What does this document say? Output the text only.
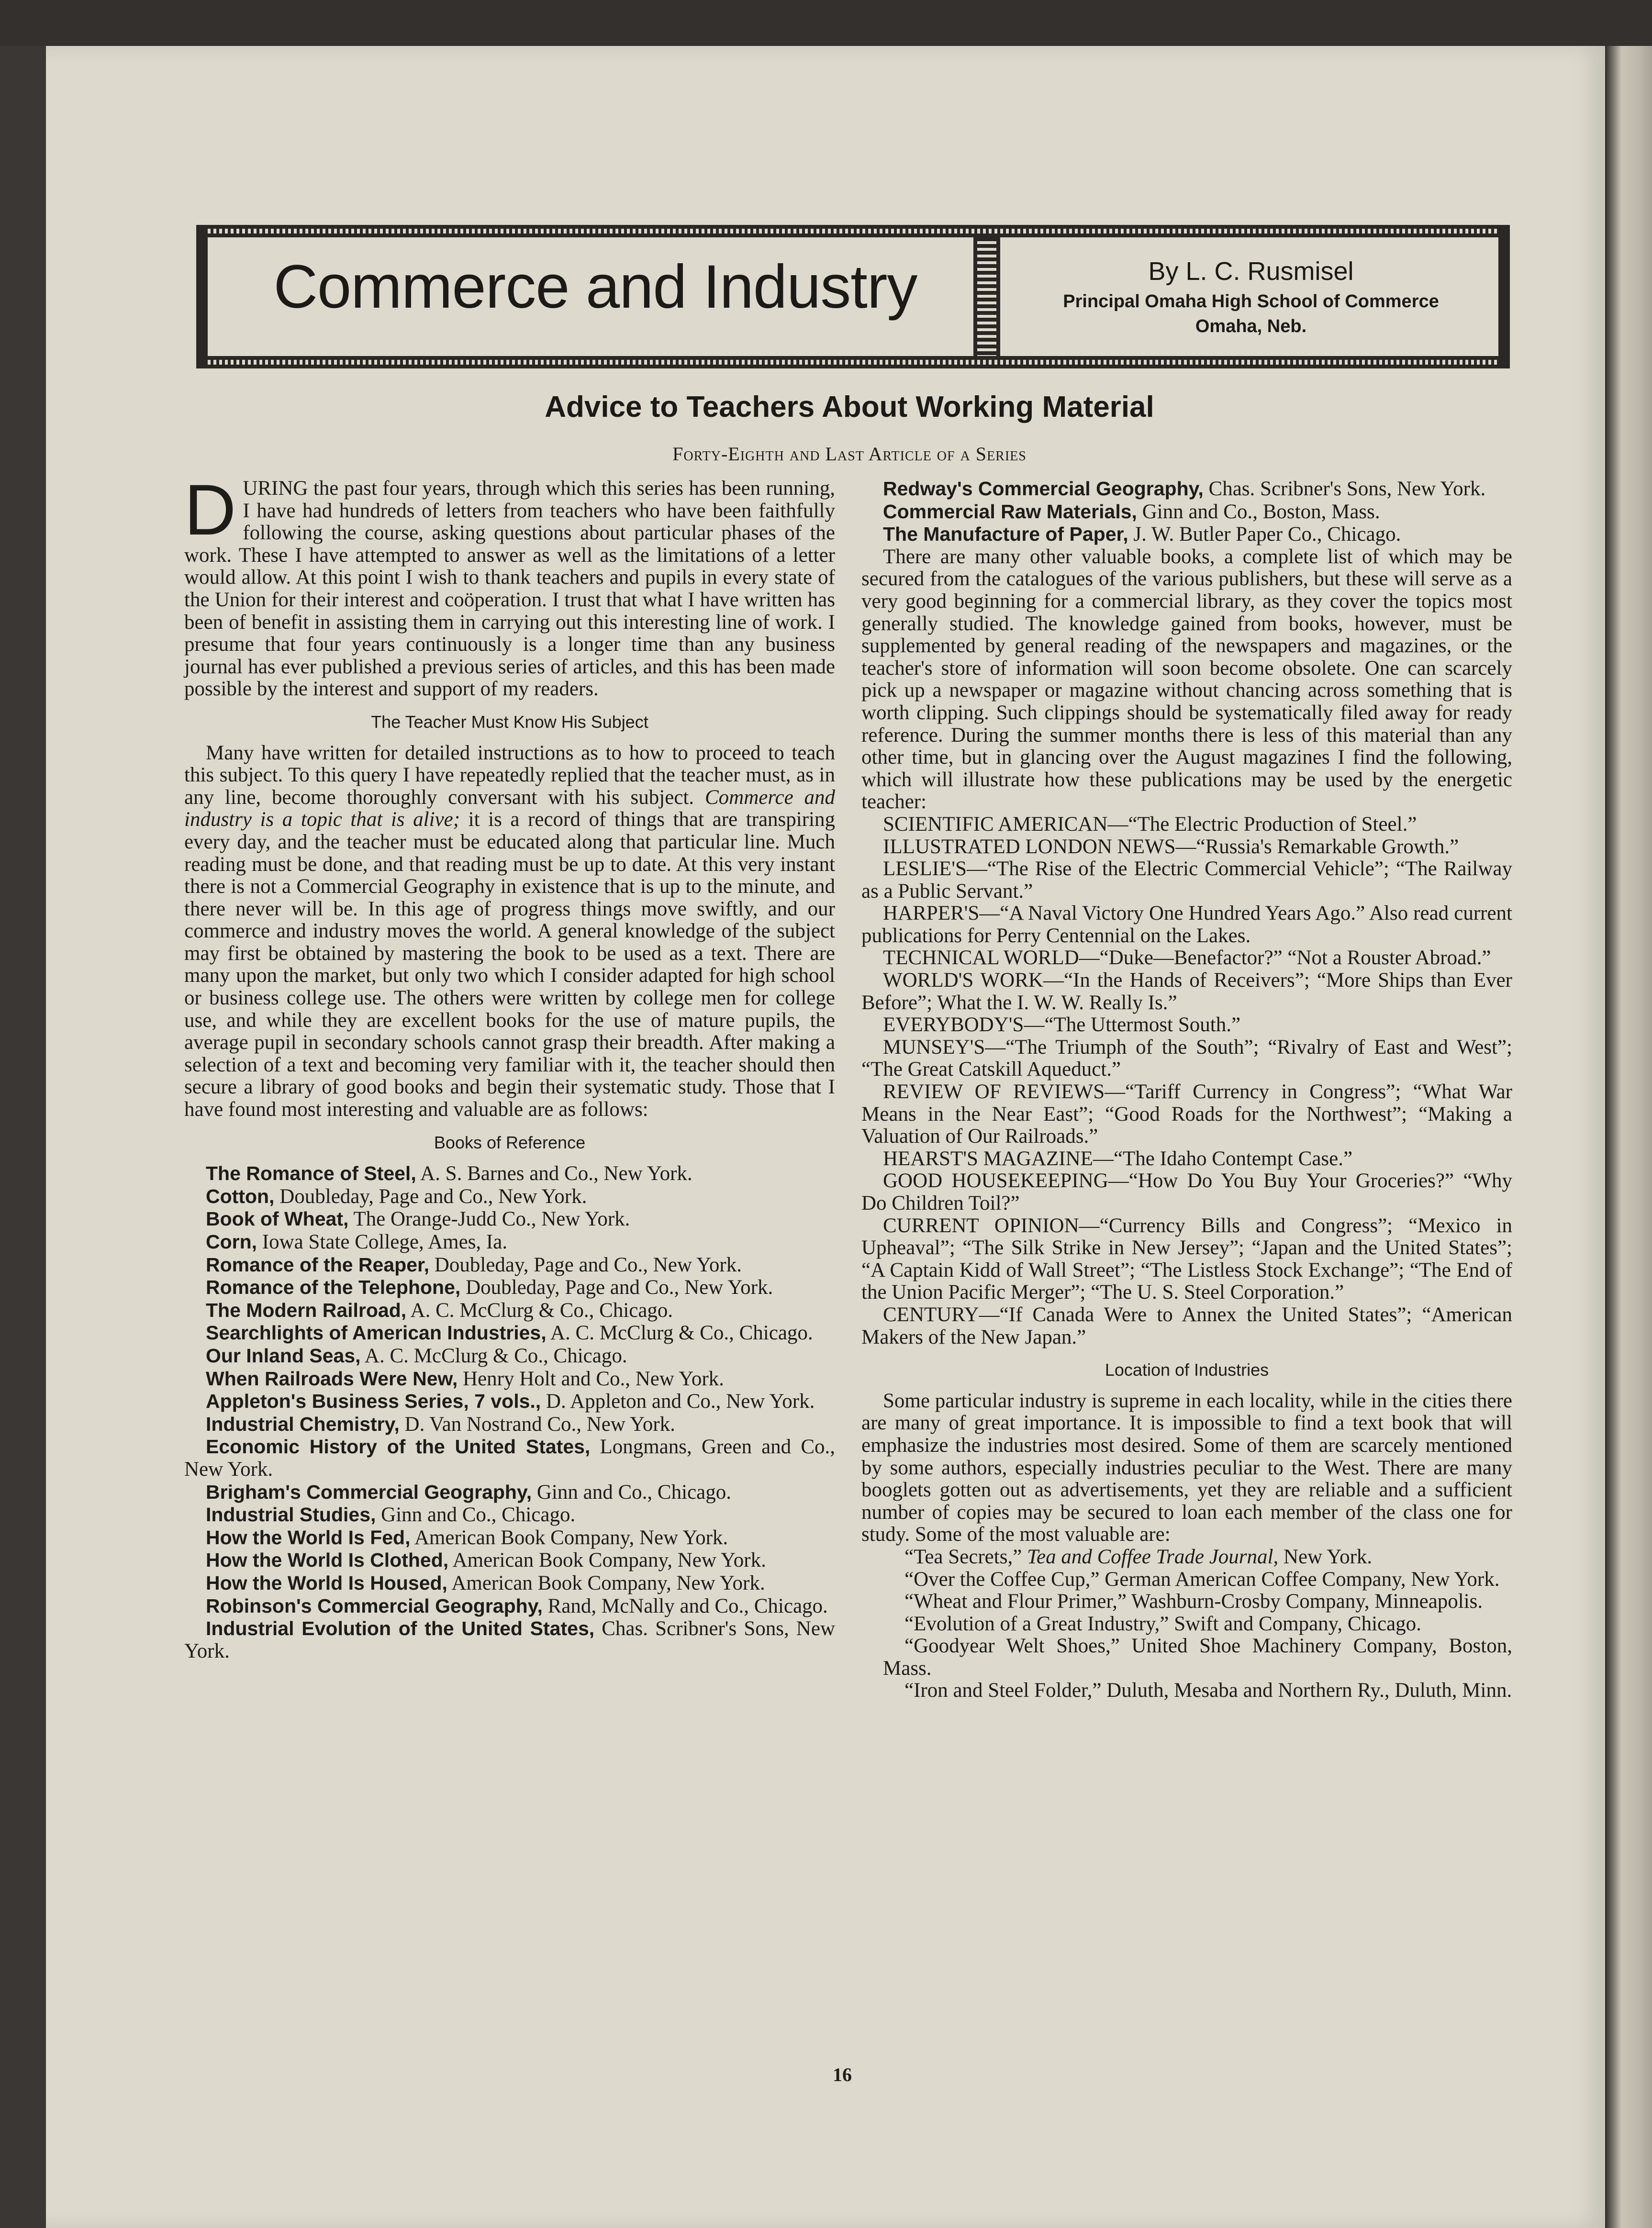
Commerce and Industry	By L. C. Rusmisel
Principal Omaha High School of Commerce
Omaha, Neb.
Advice to Teachers About Working Material
Forty-Eighth and Last Article of a Series

DURING the past four years, through which this series has been running, I have had hundreds of letters from teachers who have been faithfully following the course, asking questions about particular phases of the work. These I have attempted to answer as well as the limitations of a letter would allow. At this point I wish to thank teachers and pupils in every state of the Union for their interest and coöperation. I trust that what I have written has been of benefit in assisting them in carrying out this interesting line of work. I presume that four years continuously is a longer time than any business journal has ever published a previous series of articles, and this has been made possible by the interest and support of my readers.

The Teacher Must Know His Subject

Many have written for detailed instructions as to how to proceed to teach this subject. To this query I have repeatedly replied that the teacher must, as in any line, become thoroughly conversant with his subject. Commerce and industry is a topic that is alive; it is a record of things that are transpiring every day, and the teacher must be educated along that particular line. Much reading must be done, and that reading must be up to date. At this very instant there is not a Commercial Geography in existence that is up to the minute, and there never will be. In this age of progress things move swiftly, and our commerce and industry moves the world. A general knowledge of the subject may first be obtained by mastering the book to be used as a text. There are many upon the market, but only two which I consider adapted for high school or business college use. The others were written by college men for college use, and while they are excellent books for the use of mature pupils, the average pupil in secondary schools cannot grasp their breadth. After making a selection of a text and becoming very familiar with it, the teacher should then secure a library of good books and begin their systematic study. Those that I have found most interesting and valuable are as follows:

Books of Reference

The Romance of Steel, A. S. Barnes and Co., New York.

Cotton, Doubleday, Page and Co., New York.

Book of Wheat, The Orange-Judd Co., New York.

Corn, Iowa State College, Ames, Ia.

Romance of the Reaper, Doubleday, Page and Co., New York.

Romance of the Telephone, Doubleday, Page and Co., New York.

The Modern Railroad, A. C. McClurg & Co., Chicago.

Searchlights of American Industries, A. C. McClurg & Co., Chicago.

Our Inland Seas, A. C. McClurg & Co., Chicago.

When Railroads Were New, Henry Holt and Co., New York.

Appleton's Business Series, 7 vols., D. Appleton and Co., New York.

Industrial Chemistry, D. Van Nostrand Co., New York.

Economic History of the United States, Longmans, Green and Co., New York.

Brigham's Commercial Geography, Ginn and Co., Chicago.

Industrial Studies, Ginn and Co., Chicago.

How the World Is Fed, American Book Company, New York.

How the World Is Clothed, American Book Company, New York.

How the World Is Housed, American Book Company, New York.

Robinson's Commercial Geography, Rand, McNally and Co., Chicago.

Industrial Evolution of the United States, Chas. Scribner's Sons, New York.

Redway's Commercial Geography, Chas. Scribner's Sons, New York.

Commercial Raw Materials, Ginn and Co., Boston, Mass.

The Manufacture of Paper, J. W. Butler Paper Co., Chicago.

There are many other valuable books, a complete list of which may be secured from the catalogues of the various publishers, but these will serve as a very good beginning for a commercial library, as they cover the topics most generally studied. The knowledge gained from books, however, must be supplemented by general reading of the newspapers and magazines, or the teacher's store of information will soon become obsolete. One can scarcely pick up a newspaper or magazine without chancing across something that is worth clipping. Such clippings should be systematically filed away for ready reference. During the summer months there is less of this material than any other time, but in glancing over the August magazines I find the following, which will illustrate how these publications may be used by the energetic teacher:

SCIENTIFIC AMERICAN—“The Electric Production of Steel.”

ILLUSTRATED LONDON NEWS—“Russia's Remarkable Growth.”

LESLIE'S—“The Rise of the Electric Commercial Vehicle”; “The Railway as a Public Servant.”

HARPER'S—“A Naval Victory One Hundred Years Ago.” Also read current publications for Perry Centennial on the Lakes.

TECHNICAL WORLD—“Duke—Benefactor?” “Not a Rouster Abroad.”

WORLD'S WORK—“In the Hands of Receivers”; “More Ships than Ever Before”; What the I. W. W. Really Is.”

EVERYBODY'S—“The Uttermost South.”

MUNSEY'S—“The Triumph of the South”; “Rivalry of East and West”; “The Great Catskill Aqueduct.”

REVIEW OF REVIEWS—“Tariff Currency in Congress”; “What War Means in the Near East”; “Good Roads for the Northwest”; “Making a Valuation of Our Railroads.”

HEARST'S MAGAZINE—“The Idaho Contempt Case.”

GOOD HOUSEKEEPING—“How Do You Buy Your Groceries?” “Why Do Children Toil?”

CURRENT OPINION—“Currency Bills and Congress”; “Mexico in Upheaval”; “The Silk Strike in New Jersey”; “Japan and the United States”; “A Captain Kidd of Wall Street”; “The Listless Stock Exchange”; “The End of the Union Pacific Merger”; “The U. S. Steel Corporation.”

CENTURY—“If Canada Were to Annex the United States”; “American Makers of the New Japan.”

Location of Industries

Some particular industry is supreme in each locality, while in the cities there are many of great importance. It is impossible to find a text book that will emphasize the industries most desired. Some of them are scarcely mentioned by some authors, especially industries peculiar to the West. There are many booglets gotten out as advertisements, yet they are reliable and a sufficient number of copies may be secured to loan each member of the class one for study. Some of the most valuable are:

“Tea Secrets,” Tea and Coffee Trade Journal, New York.

“Over the Coffee Cup,” German American Coffee Company, New York.

“Wheat and Flour Primer,” Washburn-Crosby Company, Minneapolis.

“Evolution of a Great Industry,” Swift and Company, Chicago.

“Goodyear Welt Shoes,” United Shoe Machinery Company, Boston, Mass.

“Iron and Steel Folder,” Duluth, Mesaba and Northern Ry., Duluth, Minn.

16
